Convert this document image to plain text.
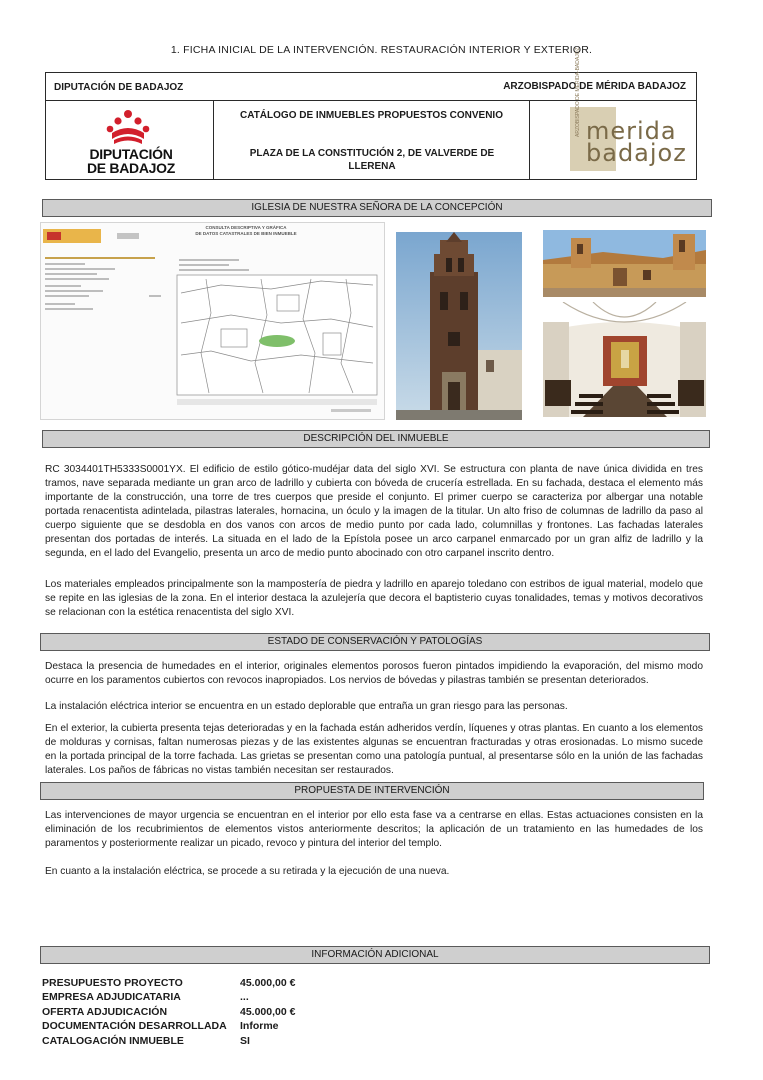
1. FICHA INICIAL DE LA INTERVENCIÓN. RESTAURACIÓN INTERIOR Y EXTERIOR.
DIPUTACIÓN DE BADAJOZ	ARZOBISPADO DE MÉRIDA BADAJOZ
DIPUTACIÓN
DE BADAJOZ
CATÁLOGO DE INMUEBLES PROPUESTOS CONVENIO
PLAZA DE LA CONSTITUCIÓN 2, DE VALVERDE DE LLERENA
ARZOBISPADO DE MÉRIDA-BADAJOZ merida
badajoz
IGLESIA DE NUESTRA SEÑORA DE LA CONCEPCIÓN
CONSULTA DESCRIPTIVA Y GRÁFICA
DE DATOS CATASTRALES DE BIEN INMUEBLE
DESCRIPCIÓN DEL INMUEBLE
RC 3034401TH5333S0001YX. El edificio de estilo gótico-mudéjar data del siglo XVI. Se estructura con planta de nave única dividida en tres tramos, nave separada mediante un gran arco de ladrillo y cubierta con bóveda de crucería estrellada. En su fachada, destaca el elemento más importante de la construcción, una torre de tres cuerpos que preside el conjunto. El primer cuerpo se caracteriza por albergar una notable portada renacentista adintelada, pilastras laterales, hornacina, un óculo y la imagen de la titular. Un alto friso de columnas de ladrillo da paso al cuerpo siguiente que se desdobla en dos vanos con arcos de medio punto por cada lado, columnillas y frontones. Las fachadas laterales presentan dos portadas de interés. La situada en el lado de la Epístola posee un arco carpanel enmarcado por un gran alfiz de ladrillo y la segunda, en el lado del Evangelio, presenta un arco de medio punto abocinado con otro carpanel inscrito dentro.
Los materiales empleados principalmente son la mampostería de piedra y ladrillo en aparejo toledano con estribos de igual material, modelo que se repite en las iglesias de la zona. En el interior destaca la azulejería que decora el baptisterio cuyas tonalidades, temas y motivos decorativos se relacionan con la estética renacentista del siglo XVI.
ESTADO DE CONSERVACIÓN Y PATOLOGÍAS
Destaca la presencia de humedades en el interior, originales elementos porosos fueron pintados impidiendo la evaporación, del mismo modo ocurre en los paramentos cubiertos con revocos inapropiados. Los nervios de bóvedas y pilastras también se presentan deteriorados.
La instalación eléctrica interior se encuentra en un estado deplorable que entraña un gran riesgo para las personas.
En el exterior, la cubierta presenta tejas deterioradas y en la fachada están adheridos verdín, líquenes y otras plantas. En cuanto a los elementos de molduras y cornisas, faltan numerosas piezas y de las existentes algunas se encuentran fracturadas y otras erosionadas. Lo mismo sucede en la portada principal de la torre fachada. Las grietas se presentan como una patología puntual, al presentarse sólo en la unión de las fachadas laterales. Los paños de fábricas no vistas también necesitan ser restaurados.
PROPUESTA DE INTERVENCIÓN
Las intervenciones de mayor urgencia se encuentran en el interior por ello esta fase va a centrarse en ellas. Estas actuaciones consisten en la eliminación de los recubrimientos de elementos vistos anteriormente descritos; la aplicación de un tratamiento en las humedades de los paramentos y posteriormente realizar un picado, revoco y pintura del interior del templo.
En cuanto a la instalación eléctrica, se procede a su retirada y la ejecución de una nueva.
INFORMACIÓN ADICIONAL
PRESUPUESTO PROYECTO	45.000,00 €
EMPRESA ADJUDICATARIA	...
OFERTA ADJUDICACIÓN	45.000,00 €
DOCUMENTACIÓN DESARROLLADA Informe
CATALOGACIÓN INMUEBLE	SI
